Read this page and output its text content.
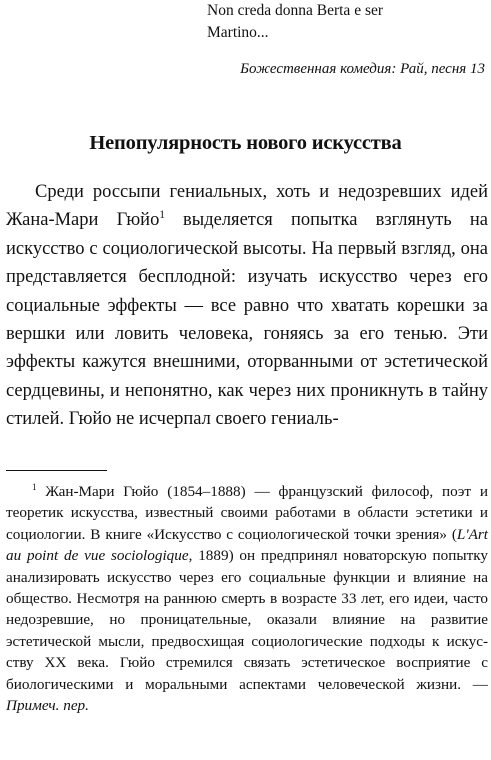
Non creda donna Berta e ser
Martino...
Божественная комедия: Рай, песня 13
Непопулярность нового искусства

Среди россыпи гениальных, хоть и недозревших идей Жана-Мари Гюйо$^1$ выделяется попытка взглянуть на искусство с социологической высоты. На первый взгляд, она представляется бесплодной: изучать искусство через его социальные эффекты — все равно что хватать корешки за вершки или ловить человека, гоняясь за его тенью. Эти эффекты кажутся внешними, оторванными от эстетической сердцевины, и непонятно, как через них проникнуть в тайну стилей. Гюйо не исчерпал своего гениаль-

$^1$ Жан-Мари Гюйо (1854–1888) — французский философ, поэт и теоретик искусства, известный своими работами в области эстетики и социологии. В книге «Искусство с социологической точки зрения» (L'Art au point de vue sociologique, 1889) он предпринял новаторскую попытку анализировать искусство через его социальные функции и влияние на общество. Несмотря на раннюю смерть в возрасте 33 лет, его идеи, часто недозревшие, но проницательные, оказали влияние на развитие эстетической мысли, предвосхищая социологические подходы к искусству XX века. Гюйо стремился связать эстетическое восприятие с биологическими и моральными аспектами человеческой жизни. — Примеч. пер.
